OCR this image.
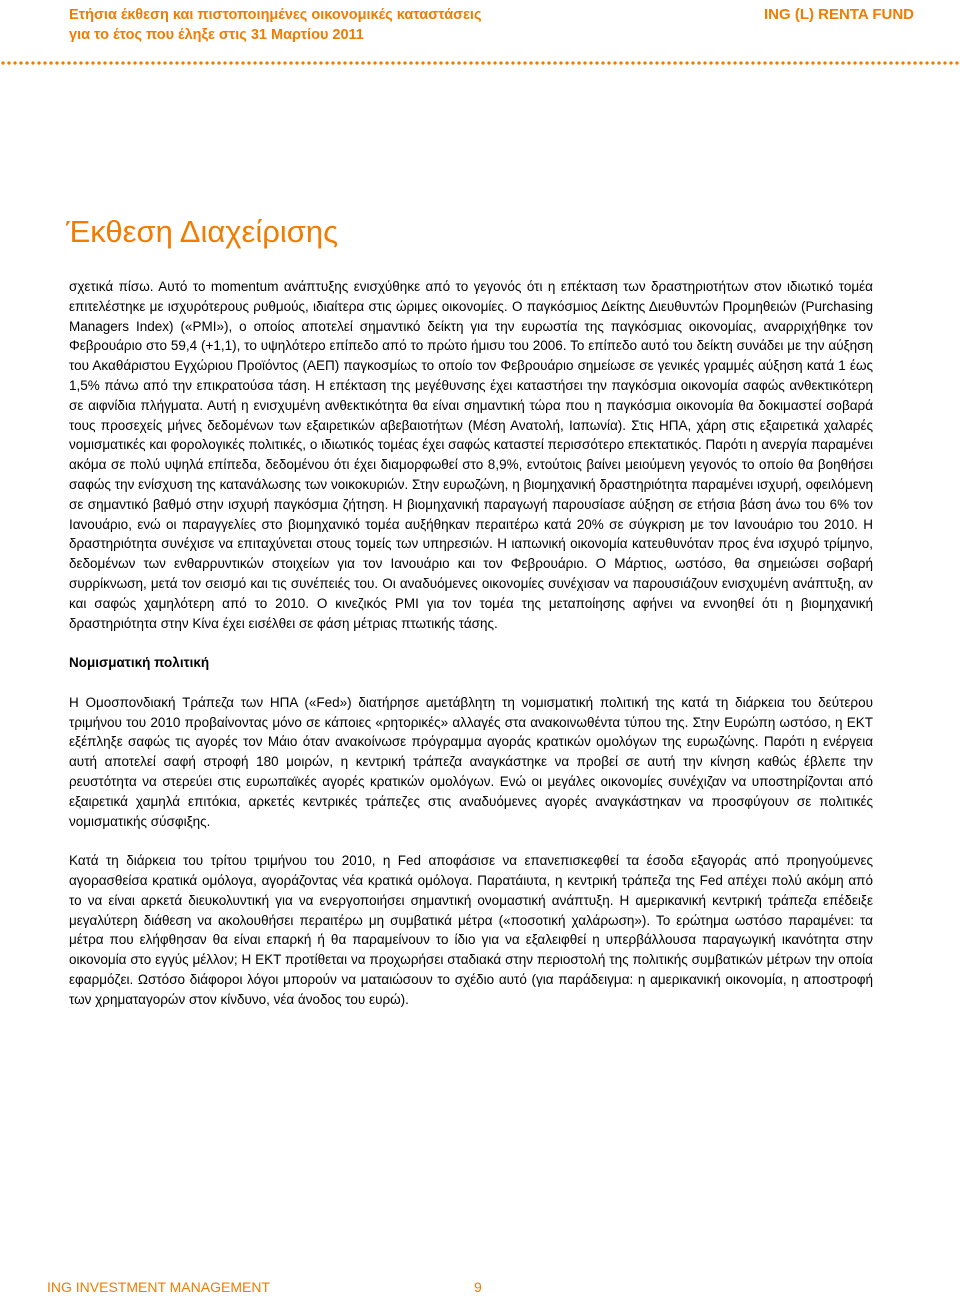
Ετήσια έκθεση και πιστοποιημένες οικονομικές καταστάσεις
για το έτος που έληξε στις 31 Μαρτίου 2011
ING (L) RENTA FUND
Έκθεση Διαχείρισης

σχετικά πίσω. Αυτό το momentum ανάπτυξης ενισχύθηκε από το γεγονός ότι η επέκταση των δραστηριοτήτων στον ιδιωτικό τομέα επιτελέστηκε με ισχυρότερους ρυθμούς, ιδιαίτερα στις ώριμες οικονομίες. Ο παγκόσμιος Δείκτης Διευθυντών Προμηθειών (Purchasing Managers Index) («PMI»), ο οποίος αποτελεί σημαντικό δείκτη για την ευρωστία της παγκόσμιας οικονομίας, αναρριχήθηκε τον Φεβρουάριο στο 59,4 (+1,1), το υψηλότερο επίπεδο από το πρώτο ήμισυ του 2006. Το επίπεδο αυτό του δείκτη συνάδει με την αύξηση του Ακαθάριστου Εγχώριου Προϊόντος (ΑΕΠ) παγκοσμίως το οποίο τον Φεβρουάριο σημείωσε σε γενικές γραμμές αύξηση κατά 1 έως 1,5% πάνω από την επικρατούσα τάση. Η επέκταση της μεγέθυνσης έχει καταστήσει την παγκόσμια οικονομία σαφώς ανθεκτικότερη σε αιφνίδια πλήγματα. Αυτή η ενισχυμένη ανθεκτικότητα θα είναι σημαντική τώρα που η παγκόσμια οικονομία θα δοκιμαστεί σοβαρά τους προσεχείς μήνες δεδομένων των εξαιρετικών αβεβαιοτήτων (Μέση Ανατολή, Ιαπωνία). Στις ΗΠΑ, χάρη στις εξαιρετικά χαλαρές νομισματικές και φορολογικές πολιτικές, ο ιδιωτικός τομέας έχει σαφώς καταστεί περισσότερο επεκτατικός. Παρότι η ανεργία παραμένει ακόμα σε πολύ υψηλά επίπεδα, δεδομένου ότι έχει διαμορφωθεί στο 8,9%, εντούτοις βαίνει μειούμενη γεγονός το οποίο θα βοηθήσει σαφώς την ενίσχυση της κατανάλωσης των νοικοκυριών. Στην ευρωζώνη, η βιομηχανική δραστηριότητα παραμένει ισχυρή, οφειλόμενη σε σημαντικό βαθμό στην ισχυρή παγκόσμια ζήτηση. Η βιομηχανική παραγωγή παρουσίασε αύξηση σε ετήσια βάση άνω του 6% τον Ιανουάριο, ενώ οι παραγγελίες στο βιομηχανικό τομέα αυξήθηκαν περαιτέρω κατά 20% σε σύγκριση με τον Ιανουάριο του 2010. Η δραστηριότητα συνέχισε να επιταχύνεται στους τομείς των υπηρεσιών. Η ιαπωνική οικονομία κατευθυνόταν προς ένα ισχυρό τρίμηνο, δεδομένων των ενθαρρυντικών στοιχείων για τον Ιανουάριο και τον Φεβρουάριο. Ο Μάρτιος, ωστόσο, θα σημειώσει σοβαρή συρρίκνωση, μετά τον σεισμό και τις συνέπειές του. Οι αναδυόμενες οικονομίες συνέχισαν να παρουσιάζουν ενισχυμένη ανάπτυξη, αν και σαφώς χαμηλότερη από το 2010. Ο κινεζικός PMI για τον τομέα της μεταποίησης αφήνει να εννοηθεί ότι η βιομηχανική δραστηριότητα στην Κίνα έχει εισέλθει σε φάση μέτριας πτωτικής τάσης.

Νομισματική πολιτική

Η Ομοσπονδιακή Τράπεζα των ΗΠΑ («Fed») διατήρησε αμετάβλητη τη νομισματική πολιτική της κατά τη διάρκεια του δεύτερου τριμήνου του 2010 προβαίνοντας μόνο σε κάποιες «ρητορικές» αλλαγές στα ανακοινωθέντα τύπου της. Στην Ευρώπη ωστόσο, η ΕΚΤ εξέπληξε σαφώς τις αγορές τον Μάιο όταν ανακοίνωσε πρόγραμμα αγοράς κρατικών ομολόγων της ευρωζώνης. Παρότι η ενέργεια αυτή αποτελεί σαφή στροφή 180 μοιρών, η κεντρική τράπεζα αναγκάστηκε να προβεί σε αυτή την κίνηση καθώς έβλεπε την ρευστότητα να στερεύει στις ευρωπαϊκές αγορές κρατικών ομολόγων. Ενώ οι μεγάλες οικονομίες συνέχιζαν να υποστηρίζονται από εξαιρετικά χαμηλά επιτόκια, αρκετές κεντρικές τράπεζες στις αναδυόμενες αγορές αναγκάστηκαν να προσφύγουν σε πολιτικές νομισματικής σύσφιξης.

Κατά τη διάρκεια του τρίτου τριμήνου του 2010, η Fed αποφάσισε να επανεπισκεφθεί τα έσοδα εξαγοράς από προηγούμενες αγορασθείσα κρατικά ομόλογα, αγοράζοντας νέα κρατικά ομόλογα. Παρατάιυτα, η κεντρική τράπεζα της Fed απέχει πολύ ακόμη από το να είναι αρκετά διευκολυντική για να ενεργοποιήσει σημαντική ονομαστική ανάπτυξη. Η αμερικανική κεντρική τράπεζα επέδειξε μεγαλύτερη διάθεση να ακολουθήσει περαιτέρω μη συμβατικά μέτρα («ποσοτική χαλάρωση»). Το ερώτημα ωστόσο παραμένει: τα μέτρα που ελήφθησαν θα είναι επαρκή ή θα παραμείνουν το ίδιο για να εξαλειφθεί η υπερβάλλουσα παραγωγική ικανότητα στην οικονομία στο εγγύς μέλλον; Η ΕΚΤ προτίθεται να προχωρήσει σταδιακά στην περιοστολή της πολιτικής συμβατικών μέτρων την οποία εφαρμόζει. Ωστόσο διάφοροι λόγοι μπορούν να ματαιώσουν το σχέδιο αυτό (για παράδειγμα: η αμερικανική οικονομία, η αποστροφή των χρηματαγορών στον κίνδυνο, νέα άνοδος του ευρώ).

ING INVESTMENT MANAGEMENT	9
